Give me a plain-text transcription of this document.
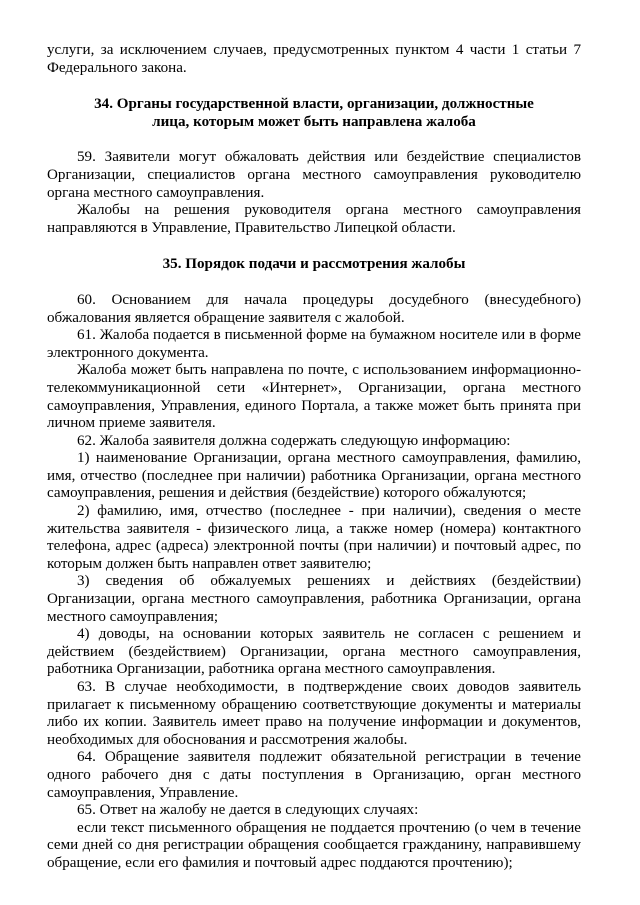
услуги, за исключением случаев, предусмотренных пунктом 4 части 1 статьи 7 Федерального закона.

34. Органы государственной власти, организации, должностные
лица, которым может быть направлена жалоба

59. Заявители могут обжаловать действия или бездействие специалистов Организации, специалистов органа местного самоуправления руководителю органа местного самоуправления.

Жалобы на решения руководителя органа местного самоуправления направляются в Управление, Правительство Липецкой области.

35. Порядок подачи и рассмотрения жалобы

60. Основанием для начала процедуры досудебного (внесудебного) обжалования является обращение заявителя с жалобой.

61. Жалоба подается в письменной форме на бумажном носителе или в форме электронного документа.

Жалоба может быть направлена по почте, с использованием информационно-телекоммуникационной сети «Интернет», Организации, органа местного самоуправления, Управления, единого Портала, а также может быть принята при личном приеме заявителя.

62. Жалоба заявителя должна содержать следующую информацию:

1) наименование Организации, органа местного самоуправления, фамилию, имя, отчество (последнее при наличии) работника Организации, органа местного самоуправления, решения и действия (бездействие) которого обжалуются;

2) фамилию, имя, отчество (последнее - при наличии), сведения о месте жительства заявителя - физического лица, а также номер (номера) контактного телефона, адрес (адреса) электронной почты (при наличии) и почтовый адрес, по которым должен быть направлен ответ заявителю;

3) сведения об обжалуемых решениях и действиях (бездействии) Организации, органа местного самоуправления, работника Организации, органа местного самоуправления;

4) доводы, на основании которых заявитель не согласен с решением и действием (бездействием) Организации, органа местного самоуправления, работника Организации, работника органа местного самоуправления.

63. В случае необходимости, в подтверждение своих доводов заявитель прилагает к письменному обращению соответствующие документы и материалы либо их копии. Заявитель имеет право на получение информации и документов, необходимых для обоснования и рассмотрения жалобы.

64. Обращение заявителя подлежит обязательной регистрации в течение одного рабочего дня с даты поступления в Организацию, орган местного самоуправления, Управление.

65. Ответ на жалобу не дается в следующих случаях:

если текст письменного обращения не поддается прочтению (о чем в течение семи дней со дня регистрации обращения сообщается гражданину, направившему обращение, если его фамилия и почтовый адрес поддаются прочтению);
